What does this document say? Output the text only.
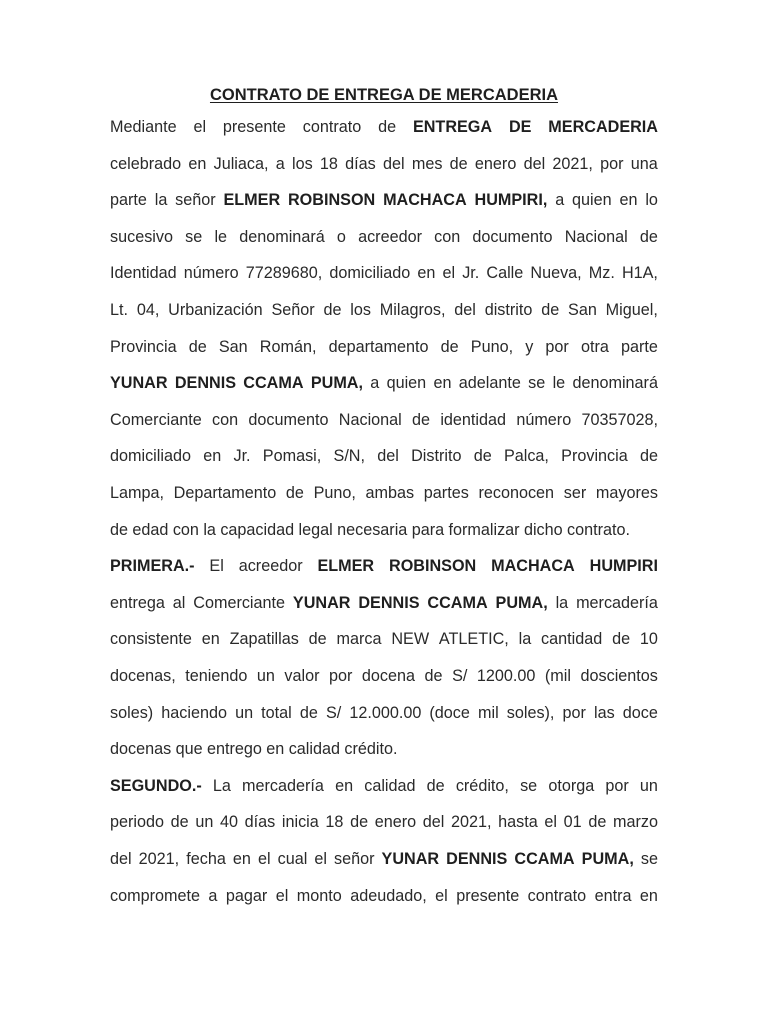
CONTRATO DE ENTREGA DE MERCADERIA
Mediante el presente contrato de ENTREGA DE MERCADERIA
celebrado en Juliaca, a los 18 días del mes de enero del 2021, por una
parte la señor ELMER ROBINSON MACHACA HUMPIRI, a quien en lo
sucesivo se le denominará o acreedor con documento Nacional de
Identidad número 77289680, domiciliado en el Jr. Calle Nueva, Mz. H1A,
Lt. 04, Urbanización Señor de los Milagros, del distrito de San Miguel,
Provincia de San Román, departamento de Puno, y por otra parte
YUNAR DENNIS CCAMA PUMA, a quien en adelante se le denominará
Comerciante con documento Nacional de identidad número 70357028,
domiciliado en Jr. Pomasi, S/N, del Distrito de Palca, Provincia de
Lampa, Departamento de Puno, ambas partes reconocen ser mayores
de edad con la capacidad legal necesaria para formalizar dicho contrato.
PRIMERA.- El acreedor ELMER ROBINSON MACHACA HUMPIRI
entrega al Comerciante YUNAR DENNIS CCAMA PUMA, la mercadería
consistente en Zapatillas de marca NEW ATLETIC, la cantidad de 10
docenas, teniendo un valor por docena de S/ 1200.00 (mil doscientos
soles) haciendo un total de S/ 12.000.00 (doce mil soles), por las doce
docenas que entrego en calidad crédito.
SEGUNDO.- La mercadería en calidad de crédito, se otorga por un
periodo de un 40 días inicia 18 de enero del 2021, hasta el 01 de marzo
del 2021, fecha en el cual el señor YUNAR DENNIS CCAMA PUMA, se
compromete a pagar el monto adeudado, el presente contrato entra en
